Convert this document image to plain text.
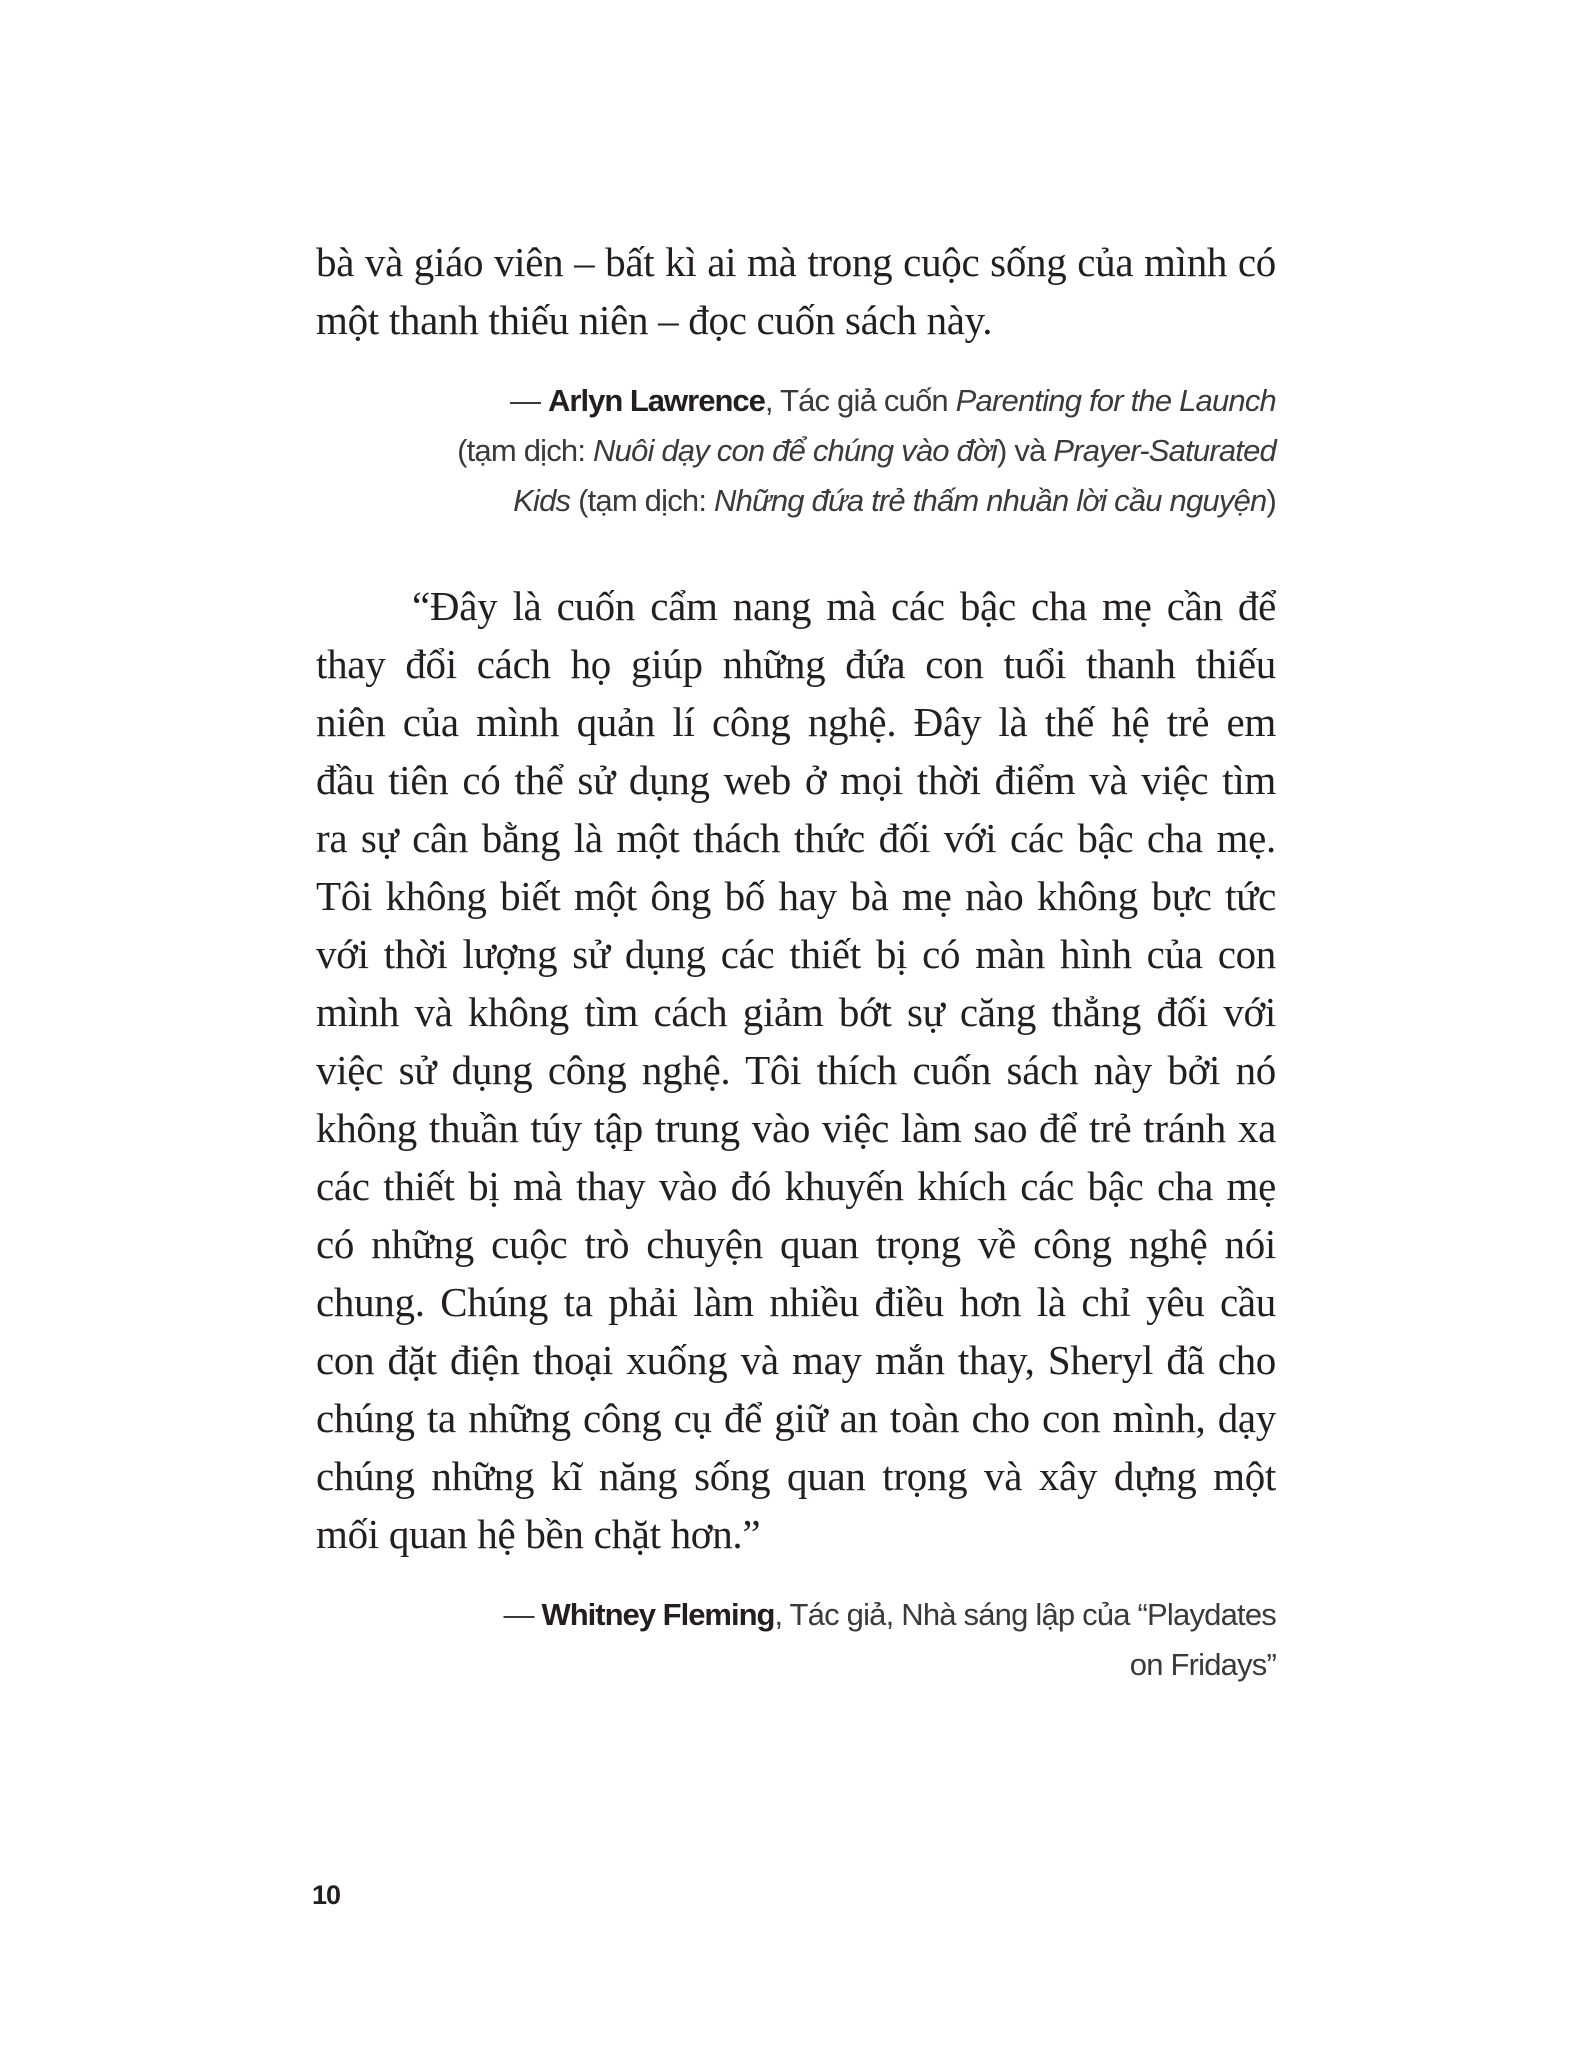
bà và giáo viên – bất kì ai mà trong cuộc sống của mình có
một thanh thiếu niên – đọc cuốn sách này.
— Arlyn Lawrence, Tác giả cuốn Parenting for the Launch
(tạm dịch: Nuôi dạy con để chúng vào đời) và Prayer-Saturated
Kids (tạm dịch: Những đứa trẻ thấm nhuần lời cầu nguyện)
“Đây là cuốn cẩm nang mà các bậc cha mẹ cần để
thay đổi cách họ giúp những đứa con tuổi thanh thiếu
niên của mình quản lí công nghệ. Đây là thế hệ trẻ em
đầu tiên có thể sử dụng web ở mọi thời điểm và việc tìm
ra sự cân bằng là một thách thức đối với các bậc cha mẹ.
Tôi không biết một ông bố hay bà mẹ nào không bực tức
với thời lượng sử dụng các thiết bị có màn hình của con
mình và không tìm cách giảm bớt sự căng thẳng đối với
việc sử dụng công nghệ. Tôi thích cuốn sách này bởi nó
không thuần túy tập trung vào việc làm sao để trẻ tránh xa
các thiết bị mà thay vào đó khuyến khích các bậc cha mẹ
có những cuộc trò chuyện quan trọng về công nghệ nói
chung. Chúng ta phải làm nhiều điều hơn là chỉ yêu cầu
con đặt điện thoại xuống và may mắn thay, Sheryl đã cho
chúng ta những công cụ để giữ an toàn cho con mình, dạy
chúng những kĩ năng sống quan trọng và xây dựng một
mối quan hệ bền chặt hơn.”
— Whitney Fleming, Tác giả, Nhà sáng lập của “Playdates
on Fridays”
10
